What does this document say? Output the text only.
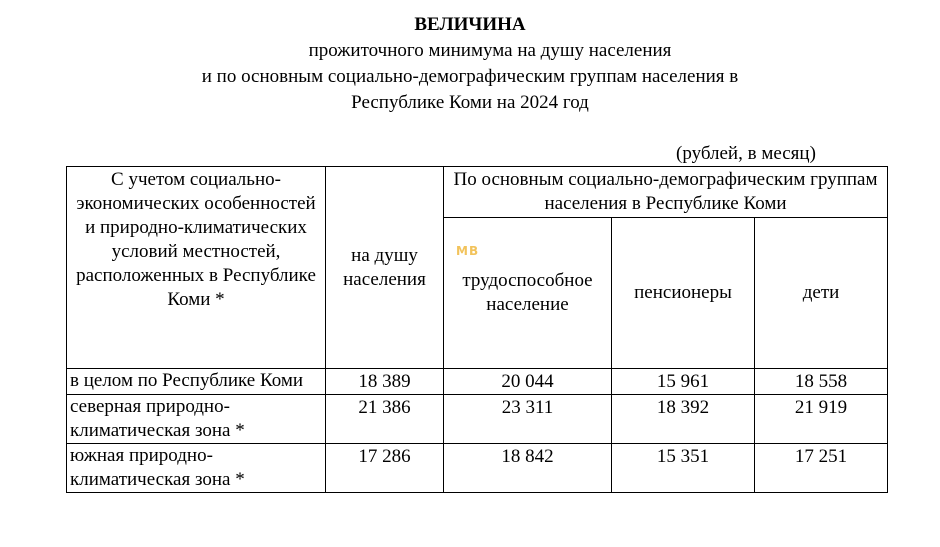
ВЕЛИЧИНА
прожиточного минимума на душу населения
и по основным социально-демографическим группам населения в
Республике Коми на 2024 год
(рублей, в месяц)
С учетом социально-экономических особенностей и природно-климатических условий местностей, расположенных в Республике Коми *	на душу населения	По основным социально-демографическим группам населения в Республике Коми		
		трудоспособное население	пенсионеры	дети
в целом по Республике Коми	18 389	20 044	15 961	18 558
северная природно-климатическая зона *	21 386	23 311	18 392	21 919
южная природно-климатическая зона *	17 286	18 842	15 351	17 251
MB
